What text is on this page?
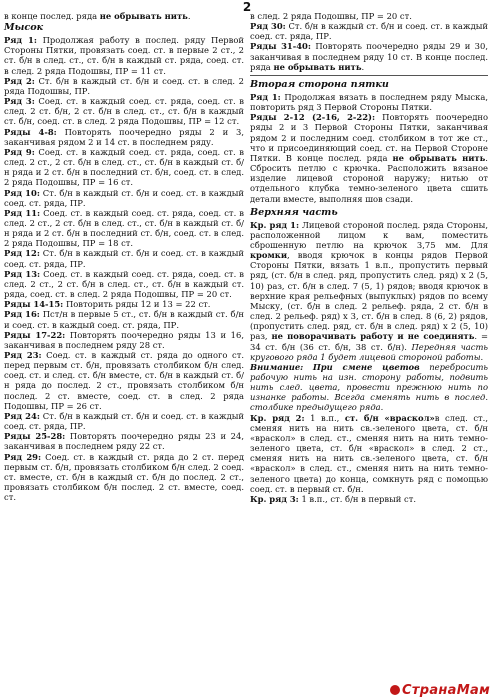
2

в конце послед. ряда не обрывать нить.

Мысок

Ряд 1: Продолжая работу в послед. ряду Первой Стороны Пятки, провязать соед. ст. в первые 2 ст., 2 ст. б/н в след. ст., ст. б/н в каждый ст. ряда, соед. ст. в след. 2 ряда Подошвы, ПР = 11 ст.

Ряд 2: Ст. б/н в каждый ст. б/н и соед. ст. в след. 2 ряда Подошвы, ПР.

Ряд 3: Соед. ст. в каждый соед. ст. ряда, соед. ст. в след. 2 ст. б/н, 2 ст. б/н в след. ст., ст. б/н в каждый ст. б/н, соед. ст. в след. 2 ряда Подошвы, ПР = 12 ст.

Ряды 4-8: Повторять поочередно ряды 2 и 3, заканчивая рядом 2 и 14 ст. в последнем ряду.

Ряд 9: Соед. ст. в каждый соед. ст. ряда, соед. ст. в след. 2 ст., 2 ст. б/н в след. ст., ст. б/н в каждый ст. б/н ряда и 2 ст. б/н в последний ст. б/н, соед. ст. в след. 2 ряда Подошвы, ПР = 16 ст.

Ряд 10: Ст. б/н в каждый ст. б/н и соед. ст. в каждый соед. ст. ряда, ПР.

Ряд 11: Соед. ст. в каждый соед. ст. ряда, соед. ст. в след. 2 ст., 2 ст. б/н в след. ст., ст. б/н в каждый ст. б/н ряда и 2 ст. б/н в последний ст. б/н, соед. ст. в след. 2 ряда Подошвы, ПР = 18 ст.

Ряд 12: Ст. б/н в каждый ст. б/н и соед. ст. в каждый соед. ст. ряда, ПР.

Ряд 13: Соед. ст. в каждый соед. ст. ряда, соед. ст. в след. 2 ст., 2 ст. б/н в след. ст., ст. б/н в каждый ст. ряда, соед. ст. в след. 2 ряда Подошвы, ПР = 20 ст.

Ряды 14-15: Повторить ряды 12 и 13 = 22 ст.

Ряд 16: Пст/н в первые 5 ст., ст. б/н в каждый ст. б/н и соед. ст. в каждый соед. ст. ряда, ПР.

Ряды 17-22: Повторять поочередно ряды 13 и 16, заканчивая в последнем ряду 28 ст.

Ряд 23: Соед. ст. в каждый ст. ряда до одного ст. перед первым ст. б/н, провязать столбиком б/н след. соед. ст. и след. ст. б/н вместе, ст. б/н в каждый ст. б/н ряда до послед. 2 ст., провязать столбиком б/н послед. 2 ст. вместе, соед. ст. в след. 2 ряда Подошвы, ПР = 26 ст.

Ряд 24: Ст. б/н в каждый ст. б/н и соед. ст. в каждый соед. ст. ряда, ПР.

Ряды 25-28: Повторять поочередно ряды 23 и 24, заканчивая в последнем ряду 22 ст.

Ряд 29: Соед. ст. в каждый ст. ряда до 2 ст. перед первым ст. б/н, провязать столбиком б/н след. 2 соед. ст. вместе, ст. б/н в каждый ст. б/н до послед. 2 ст., провязать столбиком б/н послед. 2 ст. вместе, соед. ст.

в след. 2 ряда Подошвы, ПР = 20 ст.

Ряд 30: Ст. б/н в каждый ст. б/н и соед. ст. в каждый соед. ст. ряда, ПР.

Ряды 31-40: Повторять поочередно ряды 29 и 30, заканчивая в последнем ряду 10 ст. В конце послед. ряда не обрывать нить.

Вторая сторона пятки

Ряд 1: Продолжая вязать в последнем ряду Мыска, повторить ряд 3 Первой Стороны Пятки.

Ряды 2-12 (2-16, 2-22): Повторять поочередно ряды 2 и 3 Первой Стороны Пятки, заканчивая рядом 2 и последним соед. столбиком в тот же ст., что и присоединяющий соед. ст. на Первой Стороне Пятки. В конце послед. ряда не обрывать нить. Сбросить петлю с крючка. Расположить вязаное изделие лицевой стороной наружу; нитью от отдельного клубка темно-зеленого цвета сшить детали вместе, выполняя шов сзади.

Верхняя часть

Кр. ряд 1: Лицевой стороной послед. ряда Стороны, расположенной лицом к вам, поместить сброшенную петлю на крючок 3,75 мм. Для кромки, вводя крючок в концы рядов Первой Стороны Пятки, вязать 1 в.п., пропустить первый ряд, (ст. б/н в след. ряд, пропустить след. ряд) х 2 (5, 10) раз, ст. б/н в след. 7 (5, 1) рядов; вводя крючок в верхние края рельефных (выпуклых) рядов по всему Мыску, (ст. б/н в след. 2 рельеф. ряда, 2 ст. б/н в след. 2 рельеф. ряд) х 3, ст. б/н в след. 8 (6, 2) рядов, (пропустить след. ряд, ст. б/н в след. ряд) х 2 (5, 10) раз, не поворачивать работу и не соединять. = 34 ст. б/н (36 ст. б/н, 38 ст. б/н). Передняя часть кругового ряда 1 будет лицевой стороной работы.

Внимание: При смене цветов перебросить рабочую нить на изн. сторону работы, подвить нить след. цвета, провести прежнюю нить по изнанке работы. Всегда сменять нить в послед. столбике предыдущего ряда.

Кр. ряд 2: 1 в.п., ст. б/н «враскол»в след. ст., сменяя нить на нить св.-зеленого цвета, ст. б/н «враскол» в след. ст., сменяя нить на нить темно-зеленого цвета, ст. б/н «враскол» в след. 2 ст., сменяя нить на нить св.-зеленого цвета, ст. б/н «враскол» в след. ст., сменяя нить на нить темно-зеленого цвета) до конца, сомкнуть ряд с помощью соед. ст. в первый ст. б/н.

Кр. ряд 3: 1 в.п., ст. б/н в первый ст.

СтранаМам
